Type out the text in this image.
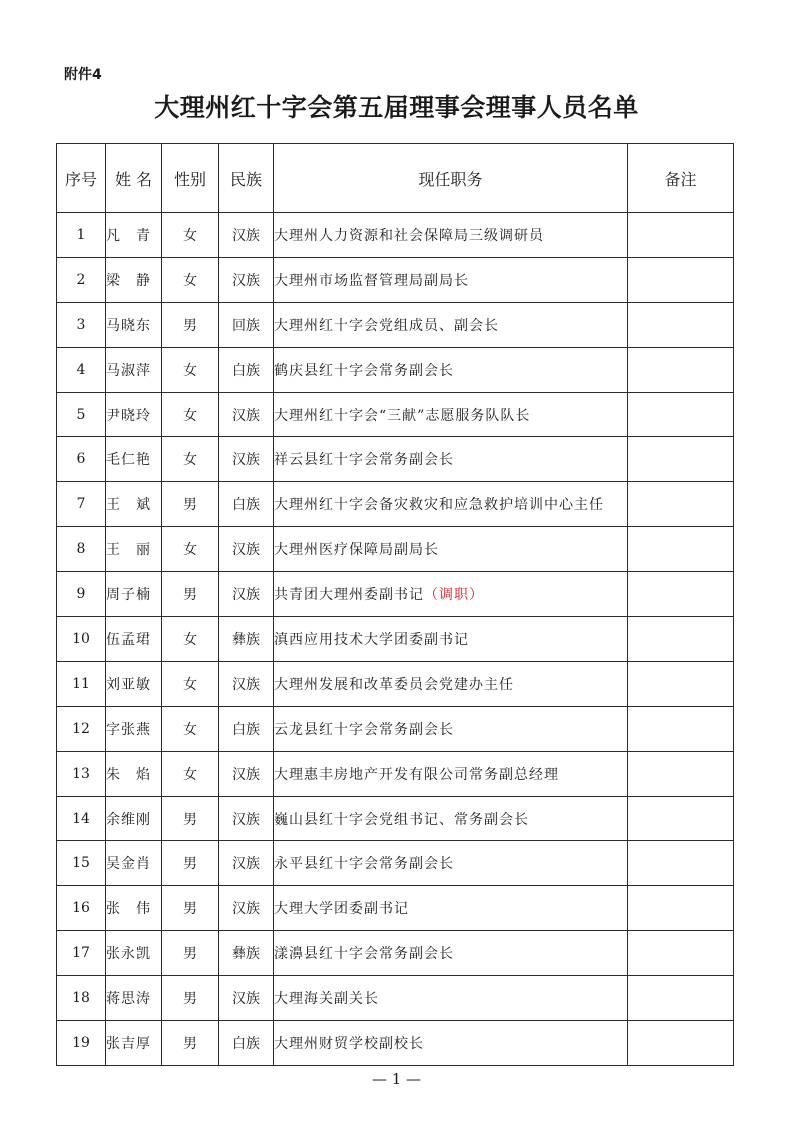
附件4
大理州红十字会第五届理事会理事人员名单
序号	姓 名	性别	民族	现任职务	备注
1	凡　青	女	汉族	大理州人力资源和社会保障局三级调研员	
2	梁　静	女	汉族	大理州市场监督管理局副局长	
3	马晓东	男	回族	大理州红十字会党组成员、副会长	
4	马淑萍	女	白族	鹤庆县红十字会常务副会长	
5	尹晓玲	女	汉族	大理州红十字会“三献”志愿服务队队长	
6	毛仁艳	女	汉族	祥云县红十字会常务副会长	
7	王　斌	男	白族	大理州红十字会备灾救灾和应急救护培训中心主任	
8	王　丽	女	汉族	大理州医疗保障局副局长	
9	周子楠	男	汉族	共青团大理州委副书记（调职）	
10	伍孟珺	女	彝族	滇西应用技术大学团委副书记	
11	刘亚敏	女	汉族	大理州发展和改革委员会党建办主任	
12	字张燕	女	白族	云龙县红十字会常务副会长	
13	朱　焰	女	汉族	大理惠丰房地产开发有限公司常务副总经理	
14	余维刚	男	汉族	巍山县红十字会党组书记、常务副会长	
15	吴金肖	男	汉族	永平县红十字会常务副会长	
16	张　伟	男	汉族	大理大学团委副书记	
17	张永凯	男	彝族	漾濞县红十字会常务副会长	
18	蒋思涛	男	汉族	大理海关副关长	
19	张吉厚	男	白族	大理州财贸学校副校长	
— 1 —
